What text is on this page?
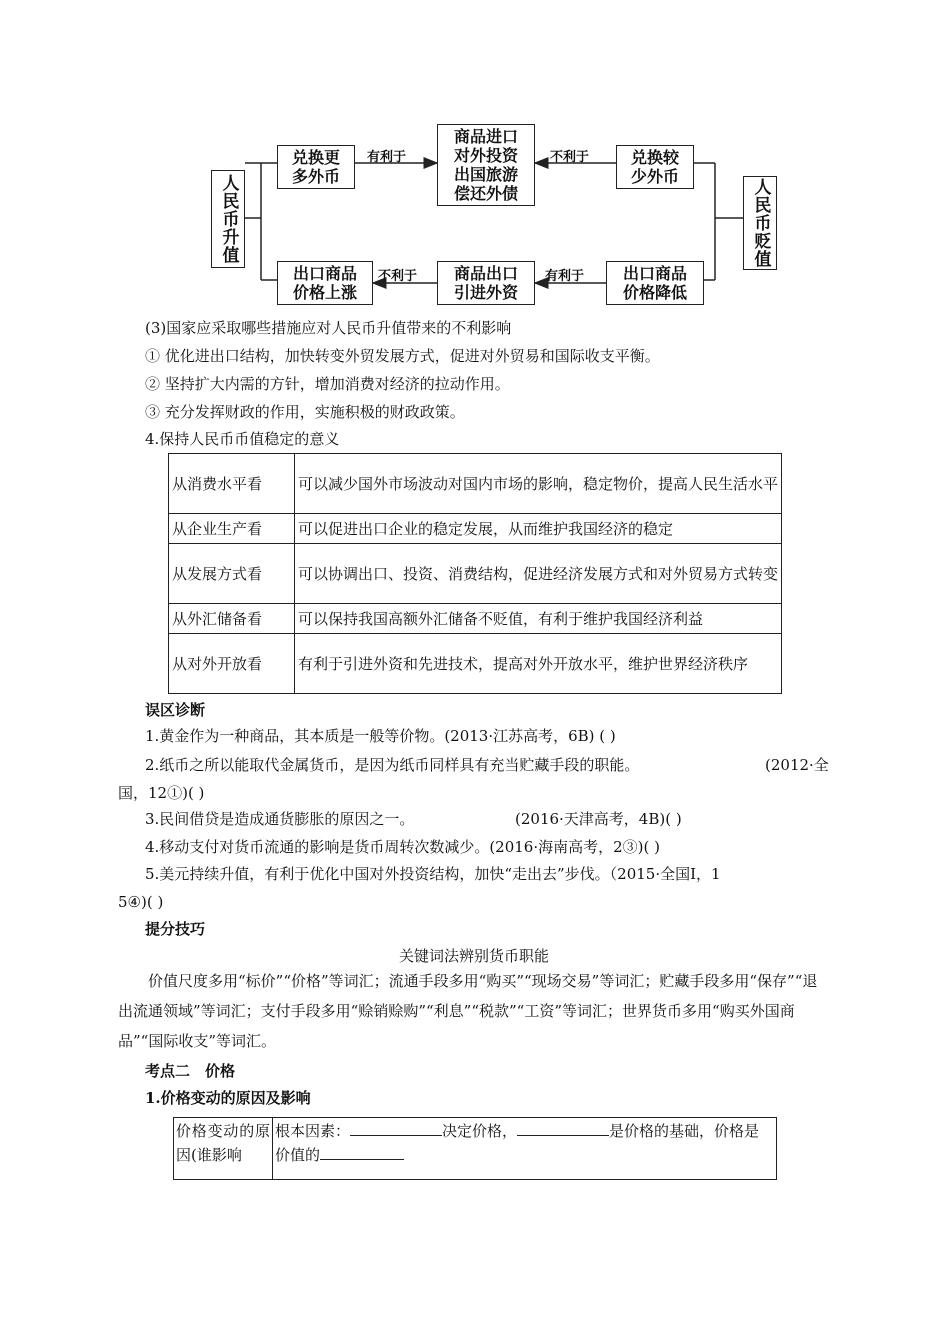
人民币升值	人民币贬值
兑换更
多外币
商品进口
对外投资
出国旅游
偿还外债
兑换较
少外币
出口商品
价格上涨
商品出口
引进外资
出口商品
价格降低
有利于	不利于
不利于	有利于
(3)国家应采取哪些措施应对人民币升值带来的不利影响
① 优化进出口结构，加快转变外贸发展方式，促进对外贸易和国际收支平衡。
② 坚持扩大内需的方针，增加消费对经济的拉动作用。
③ 充分发挥财政的作用，实施积极的财政政策。
4.保持人民币币值稳定的意义
从消费水平看	可以减少国外市场波动对国内市场的影响，稳定物价，提高人民生活水平
从企业生产看	可以促进出口企业的稳定发展，从而维护我国经济的稳定
从发展方式看	可以协调出口、投资、消费结构，促进经济发展方式和对外贸易方式转变
从外汇储备看	可以保持我国高额外汇储备不贬值，有利于维护我国经济利益
从对外开放看	有利于引进外资和先进技术，提高对外开放水平，维护世界经济秩序
误区诊断
1.黄金作为一种商品，其本质是一般等价物。(2013·江苏高考，6B) ( )
2.纸币之所以能取代金属货币，是因为纸币同样具有充当贮藏手段的职能。	(2012·全
国，12①)( )
3.民间借贷是造成通货膨胀的原因之一。	(2016·天津高考，4B)( )
4.移动支付对货币流通的影响是货币周转次数减少。(2016·海南高考，2③)( )
5.美元持续升值，有利于优化中国对外投资结构，加快“走出去”步伐。（2015·全国Ⅰ，1
5④)( )
提分技巧
关键词法辨别货币职能
价值尺度多用“标价”“价格”等词汇；流通手段多用“购买”“现场交易”等词汇；贮藏手段多用“保存”“退出流通领域”等词汇；支付手段多用“赊销赊购”“利息”“税款”“工资”等词汇；世界货币多用“购买外国商品”“国际收支”等词汇。
考点二　价格
1.价格变动的原因及影响
价格变动的原因(谁影响	根本因素：	决定价格，	是价格的基础，价格是价值的
